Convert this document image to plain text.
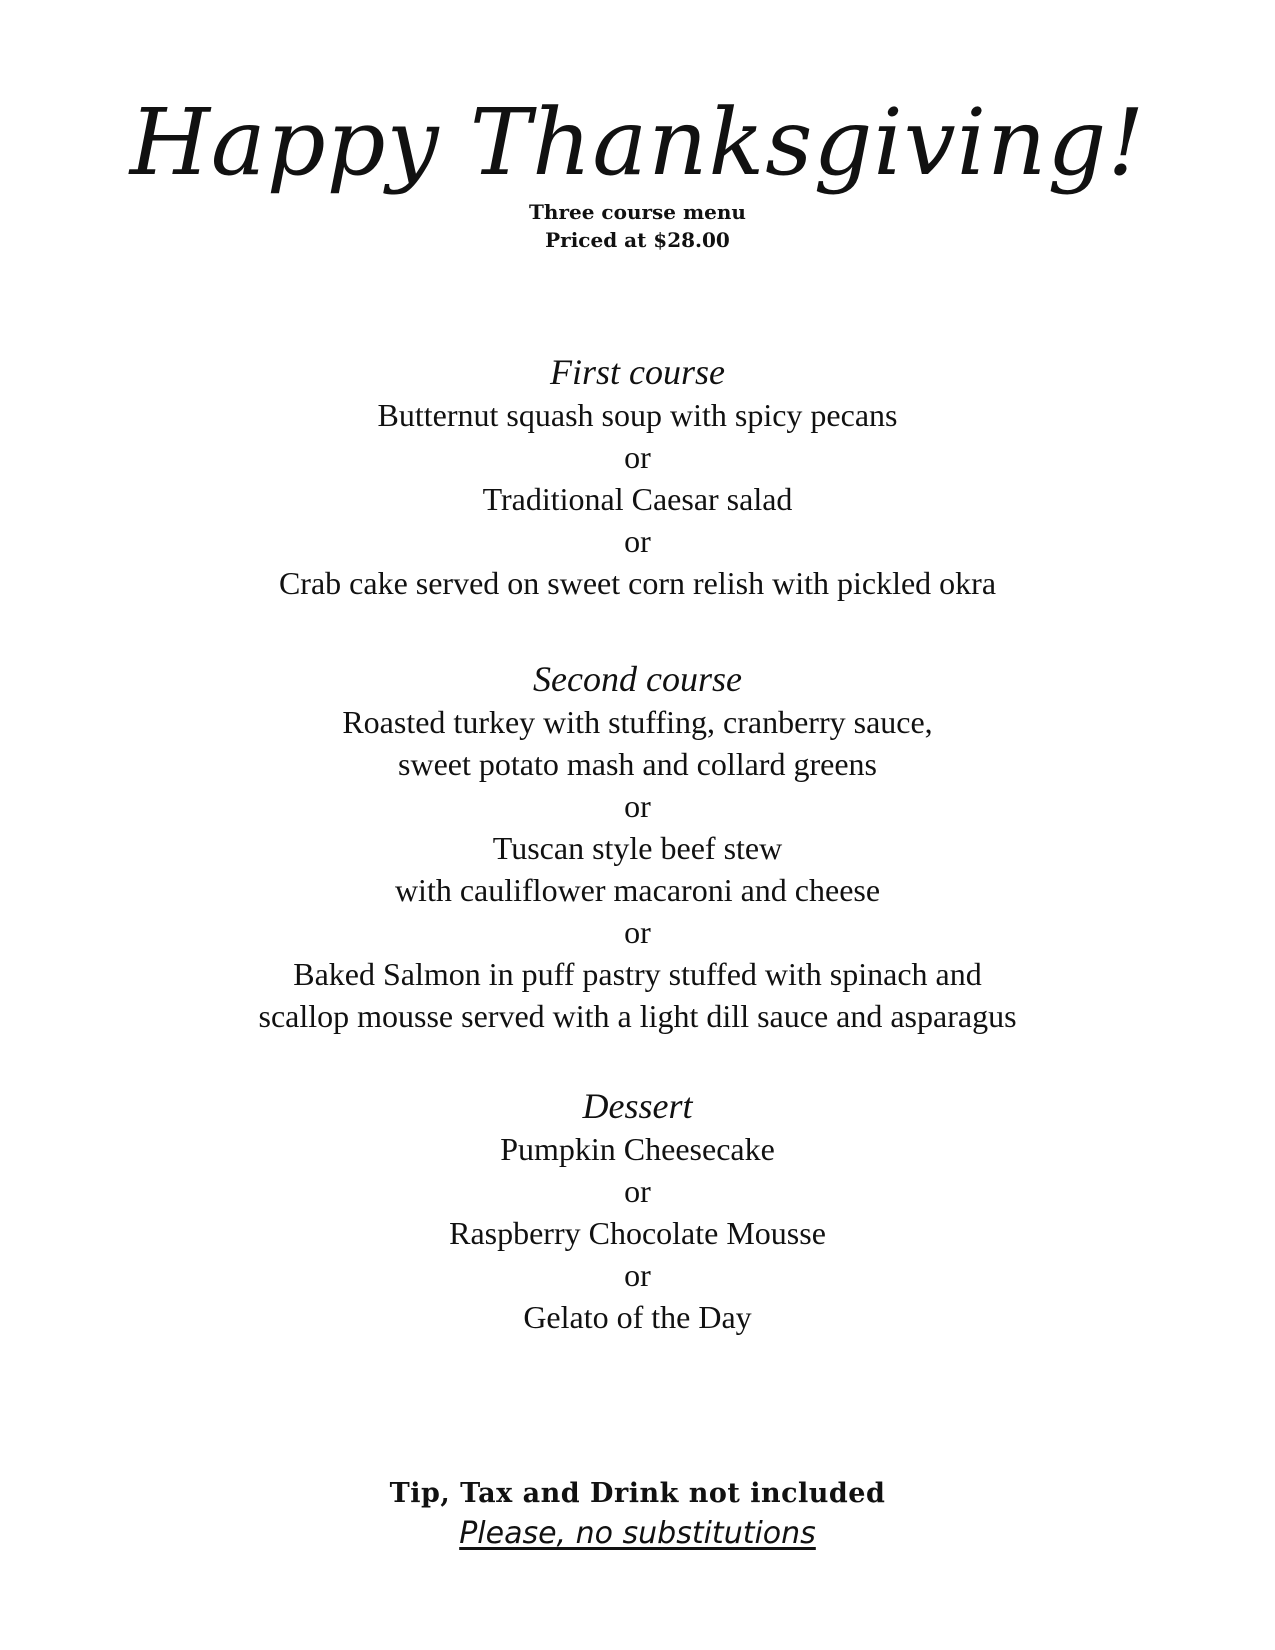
Happy Thanksgiving!
Three course menu
Priced at $28.00
First course
Butternut squash soup with spicy pecans
or
Traditional Caesar salad
or
Crab cake served on sweet corn relish with pickled okra
Second course
Roasted turkey with stuffing, cranberry sauce,
sweet potato mash and collard greens
or
Tuscan style beef stew
with cauliflower macaroni and cheese
or
Baked Salmon in puff pastry stuffed with spinach and
scallop mousse served with a light dill sauce and asparagus
Dessert
Pumpkin Cheesecake
or
Raspberry Chocolate Mousse
or
Gelato of the Day
Tip, Tax and Drink not included
Please, no substitutions
